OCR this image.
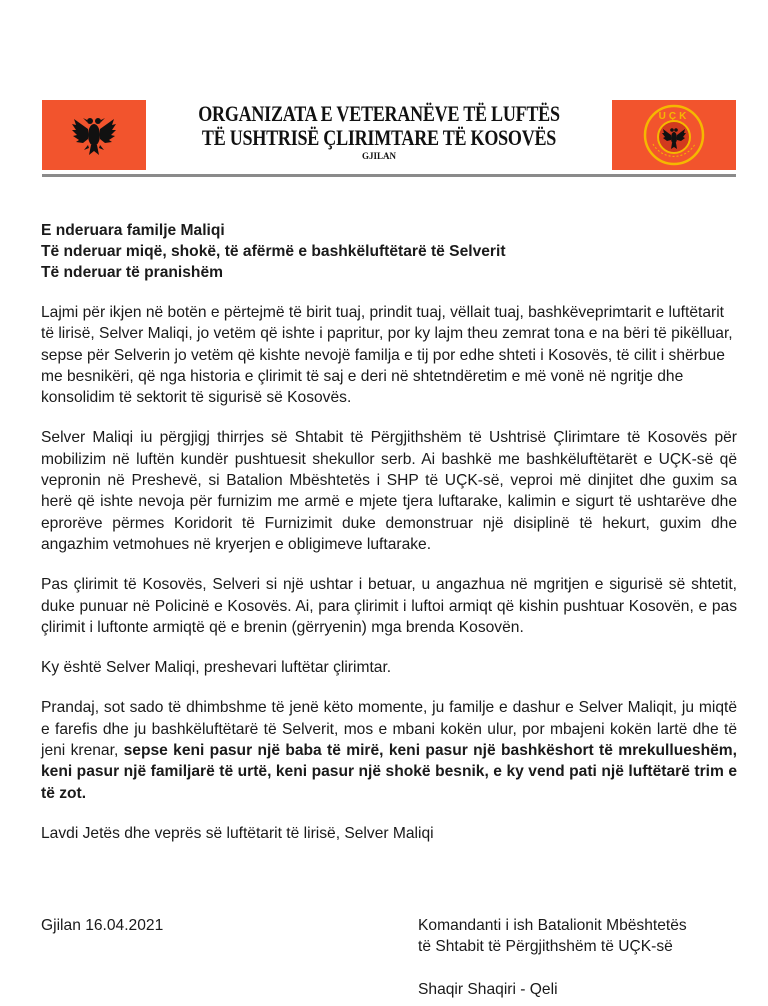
ORGANIZATA E VETERANËVE TË LUFTËS
TË USHTRISË ÇLIRIMTARE TË KOSOVËS
GJILAN
UÇK
E nderuara familje Maliqi
Të nderuar miqë, shokë, të afërmë e bashkëluftëtarë të Selverit
Të nderuar të pranishëm

Lajmi për ikjen në botën e përtejmë të birit tuaj, prindit tuaj, vëllait tuaj, bashkëveprimtarit e luftëtarit të lirisë, Selver Maliqi, jo vetëm që ishte i papritur, por ky lajm theu zemrat tona e na bëri të pikëlluar, sepse për Selverin jo vetëm që kishte nevojë familja e tij por edhe shteti i Kosovës, të cilit i shërbue me besnikëri, që nga historia e çlirimit të saj e deri në shtetndëretim e më vonë në ngritje dhe konsolidim të sektorit të sigurisë së Kosovës.

Selver Maliqi iu përgjigj thirrjes së Shtabit të Përgjithshëm të Ushtrisë Çlirimtare të Kosovës për mobilizim në luftën kundër pushtuesit shekullor serb. Ai bashkë me bashkëluftëtarët e UÇK-së që vepronin në Preshevë, si Batalion Mbështetës i SHP të UÇK-së, veproi më dinjitet dhe guxim sa herë që ishte nevoja për furnizim me armë e mjete tjera luftarake, kalimin e sigurt të ushtarëve dhe eprorëve përmes Koridorit të Furnizimit duke demonstruar një disiplinë të hekurt, guxim dhe angazhim vetmohues në kryerjen e obligimeve luftarake.

Pas çlirimit të Kosovës, Selveri si një ushtar i betuar, u angazhua në mgritjen e sigurisë së shtetit, duke punuar në Policinë e Kosovës. Ai, para çlirimit i luftoi armiqt që kishin pushtuar Kosovën, e pas çlirimit i luftonte armiqtë që e brenin (gërryenin) mga brenda Kosovën.

Ky është Selver Maliqi, preshevari luftëtar çlirimtar.

Prandaj, sot sado të dhimbshme të jenë këto momente, ju familje e dashur e Selver Maliqit, ju miqtë e farefis dhe ju bashkëluftëtarë të Selverit, mos e mbani kokën ulur, por mbajeni kokën lartë dhe të jeni krenar, sepse keni pasur një baba të mirë, keni pasur një bashkëshort të mrekullueshëm, keni pasur një familjarë të urtë, keni pasur një shokë besnik, e ky vend pati një luftëtarë trim e të zot.

Lavdi Jetës dhe veprës së luftëtarit të lirisë, Selver Maliqi

Gjilan 16.04.2021	Komandanti i ish Batalionit Mbështetës
të Shtabit të Përgjithshëm të UÇK-së
Shaqir Shaqiri - Qeli
